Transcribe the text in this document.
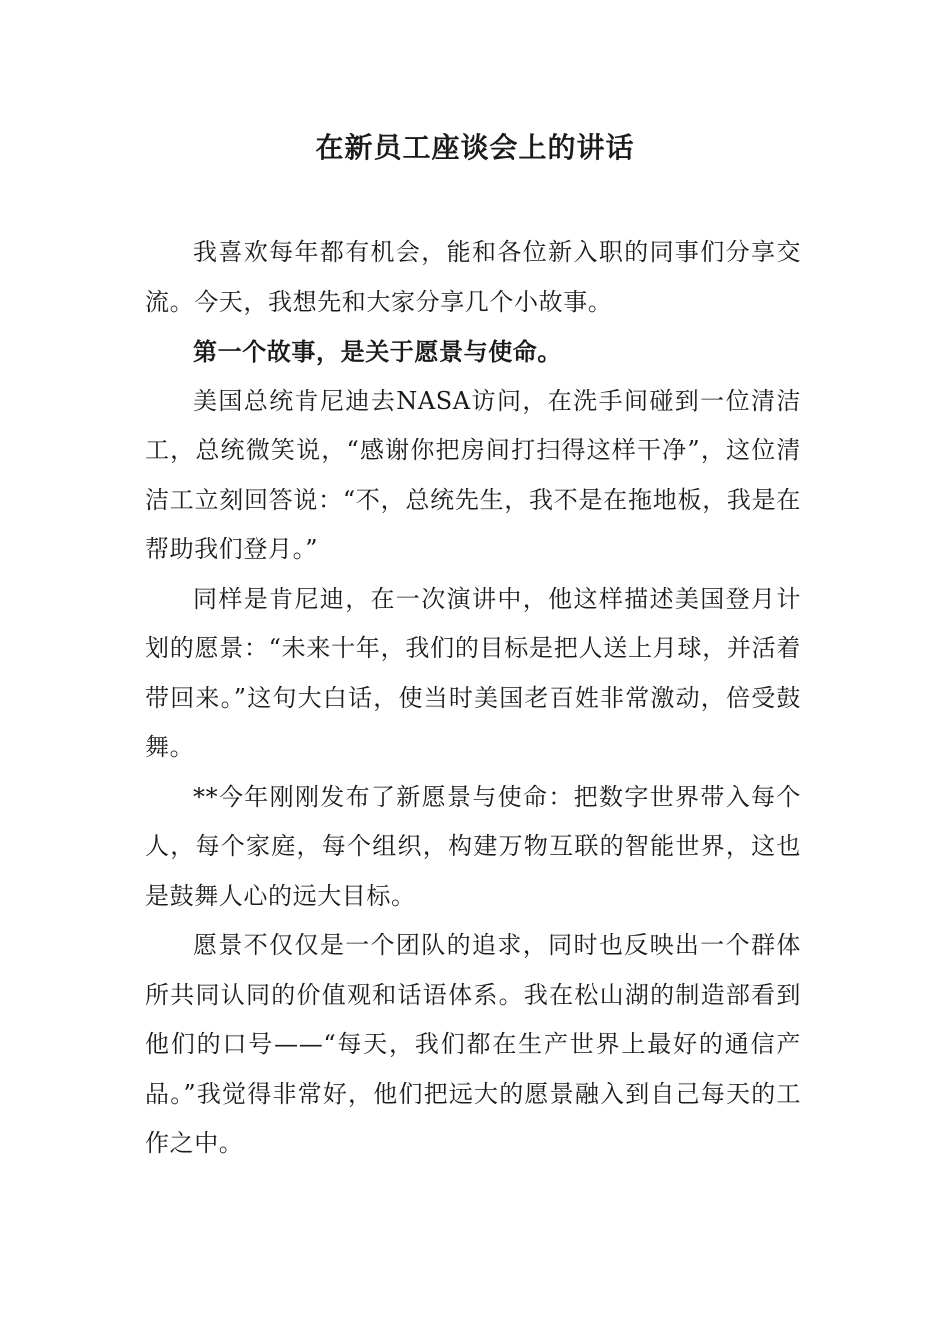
在新员工座谈会上的讲话

我喜欢每年都有机会，能和各位新入职的同事们分享交流。今天，我想先和大家分享几个小故事。

第一个故事，是关于愿景与使命。

美国总统肯尼迪去NASA访问，在洗手间碰到一位清洁工，总统微笑说，“感谢你把房间打扫得这样干净”，这位清洁工立刻回答说：“不，总统先生，我不是在拖地板，我是在帮助我们登月。”

同样是肯尼迪，在一次演讲中，他这样描述美国登月计划的愿景：“未来十年，我们的目标是把人送上月球，并活着带回来。”这句大白话，使当时美国老百姓非常激动，倍受鼓舞。

**今年刚刚发布了新愿景与使命：把数字世界带入每个人，每个家庭，每个组织，构建万物互联的智能世界，这也是鼓舞人心的远大目标。

愿景不仅仅是一个团队的追求，同时也反映出一个群体所共同认同的价值观和话语体系。我在松山湖的制造部看到他们的口号——“每天，我们都在生产世界上最好的通信产品。”我觉得非常好，他们把远大的愿景融入到自己每天的工作之中。
